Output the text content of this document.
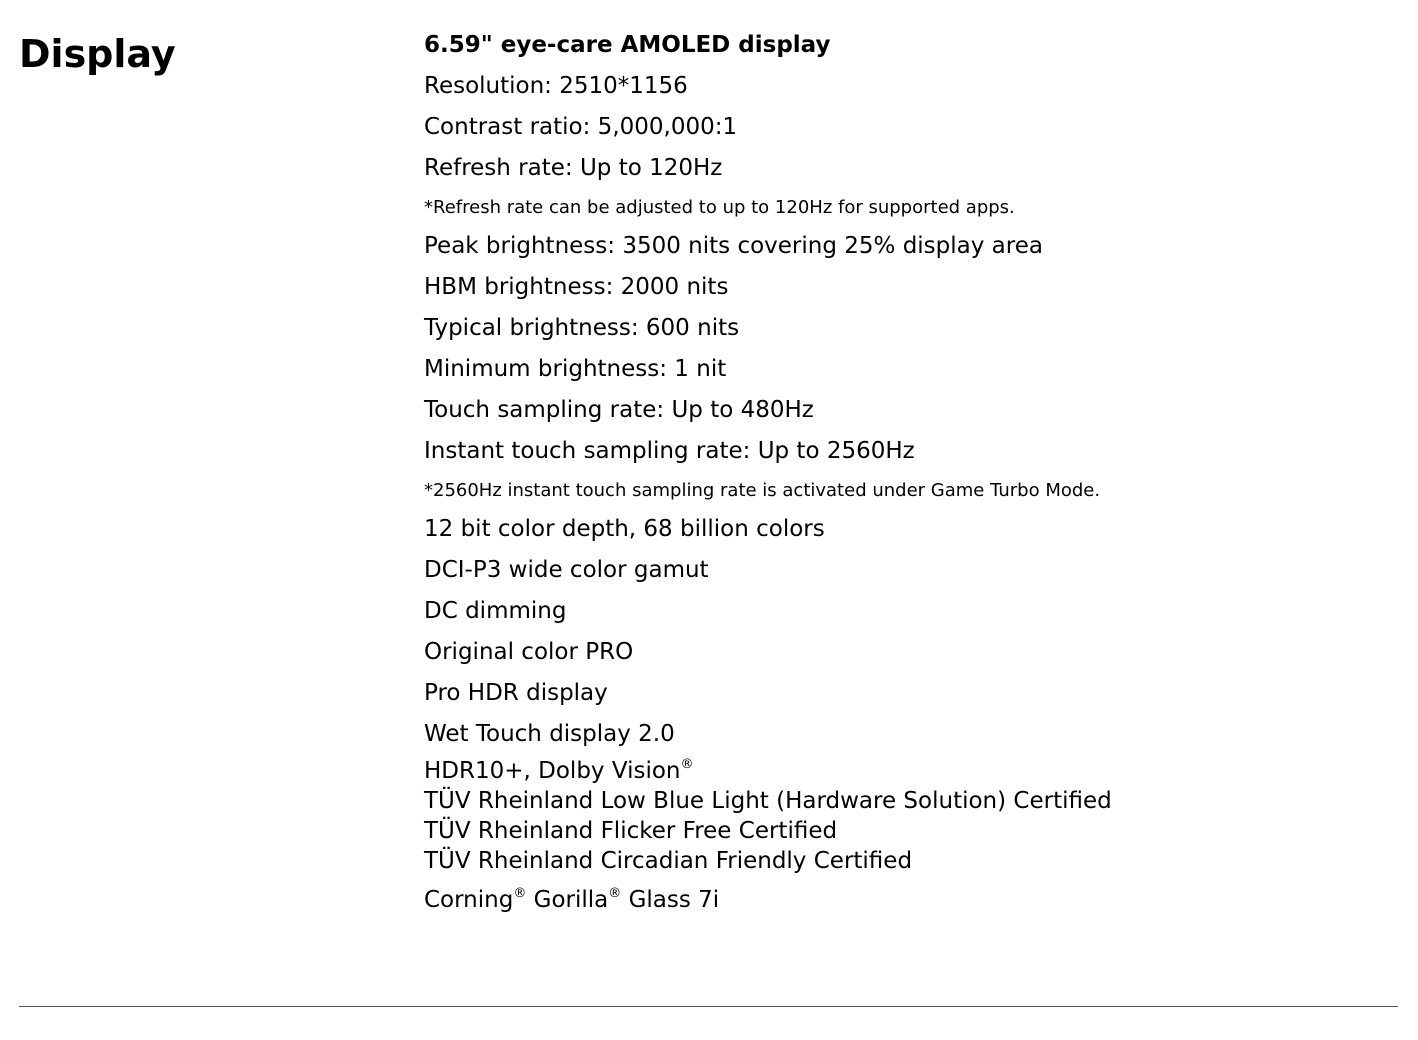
Display	6.59" eye-care AMOLED display
Resolution: 2510*1156
Contrast ratio: 5,000,000:1
Refresh rate: Up to 120Hz
*Refresh rate can be adjusted to up to 120Hz for supported apps.
Peak brightness: 3500 nits covering 25% display area
HBM brightness: 2000 nits
Typical brightness: 600 nits
Minimum brightness: 1 nit
Touch sampling rate: Up to 480Hz
Instant touch sampling rate: Up to 2560Hz
*2560Hz instant touch sampling rate is activated under Game Turbo Mode.
12 bit color depth, 68 billion colors
DCI-P3 wide color gamut
DC dimming
Original color PRO
Pro HDR display
Wet Touch display 2.0
HDR10+, Dolby Vision®
TÜV Rheinland Low Blue Light (Hardware Solution) Certified
TÜV Rheinland Flicker Free Certified
TÜV Rheinland Circadian Friendly Certified
Corning® Gorilla® Glass 7i
